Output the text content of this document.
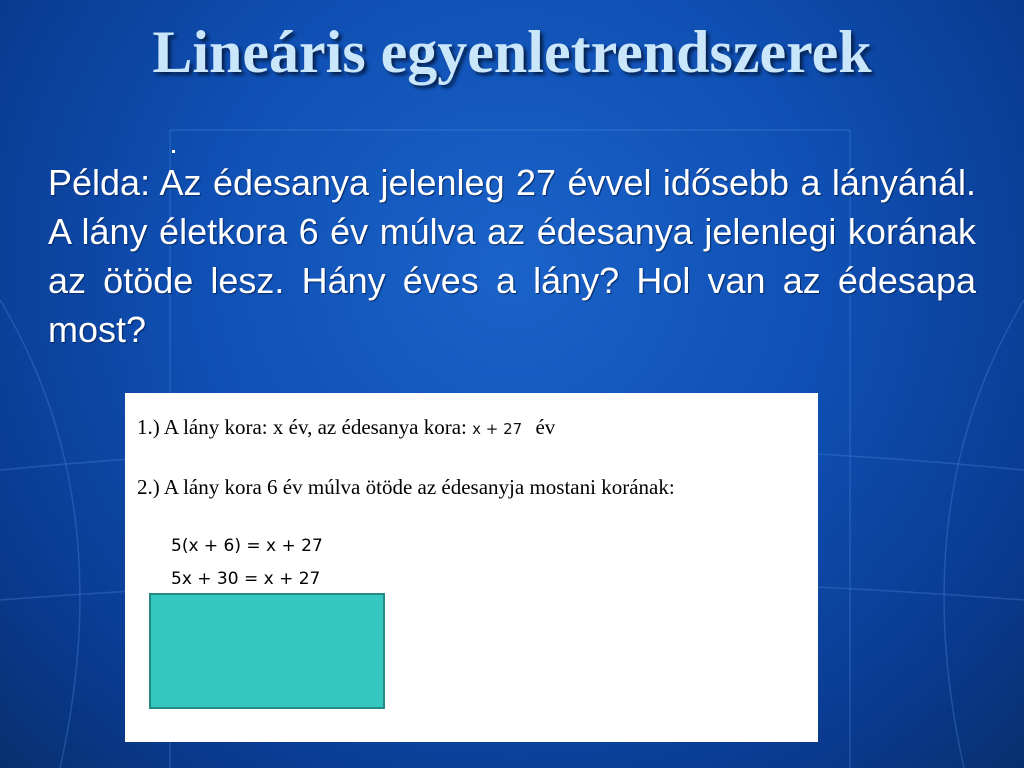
Lineáris egyenletrendszerek
Példa: Az édesanya jelenleg 27 évvel idősebb a lányánál. A lány életkora 6 év múlva az édesanya jelenlegi korának az ötöde lesz. Hány éves a lány? Hol van az édesapa most?
1.) A lány kora: x év, az édesanya kora: x + 27 év
2.) A lány kora 6 év múlva ötöde az édesanyja mostani korának:
5(x + 6) = x + 27
5x + 30 = x + 27
